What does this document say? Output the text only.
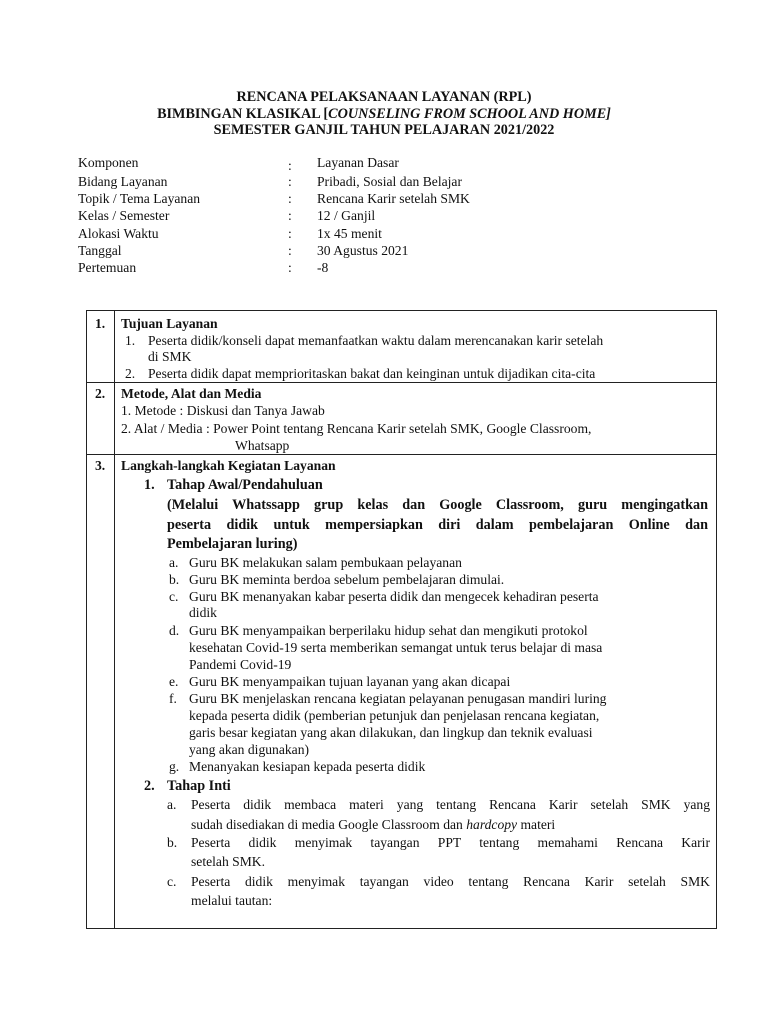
RENCANA PELAKSANAAN LAYANAN (RPL)
BIMBINGAN KLASIKAL [COUNSELING FROM SCHOOL AND HOME]
SEMESTER GANJIL TAHUN PELAJARAN 2021/2022
Komponen	: Layanan Dasar
Bidang Layanan	: Pribadi, Sosial dan Belajar
Topik / Tema Layanan	: Rencana Karir setelah SMK
Kelas / Semester	: 12 / Ganjil
Alokasi Waktu	: 1x 45 menit
Tanggal	: 30 Agustus 2021
Pertemuan	: -8
1. Tujuan Layanan
1. Peserta didik/konseli dapat memanfaatkan waktu dalam merencanakan karir setelah
di SMK
2. Peserta didik dapat memprioritaskan bakat dan keinginan untuk dijadikan cita-cita
2. Metode, Alat dan Media
1. Metode : Diskusi dan Tanya Jawab
2. Alat / Media : Power Point tentang Rencana Karir setelah SMK, Google Classroom,
Whatsapp
3. Langkah-langkah Kegiatan Layanan
1. Tahap Awal/Pendahuluan
(Melalui Whatssapp grup kelas dan Google Classroom, guru mengingatkan
peserta didik untuk mempersiapkan diri dalam pembelajaran Online dan
Pembelajaran luring)
a. Guru BK melakukan salam pembukaan pelayanan
b. Guru BK meminta berdoa sebelum pembelajaran dimulai.
c. Guru BK menanyakan kabar peserta didik dan mengecek kehadiran peserta
didik
d. Guru BK menyampaikan berperilaku hidup sehat dan mengikuti protokol
kesehatan Covid-19 serta memberikan semangat untuk terus belajar di masa
Pandemi Covid-19
e. Guru BK menyampaikan tujuan layanan yang akan dicapai
f. Guru BK menjelaskan rencana kegiatan pelayanan penugasan mandiri luring
kepada peserta didik (pemberian petunjuk dan penjelasan rencana kegiatan,
garis besar kegiatan yang akan dilakukan, dan lingkup dan teknik evaluasi
yang akan digunakan)
g. Menanyakan kesiapan kepada peserta didik
2. Tahap Inti
a. Peserta didik membaca materi yang tentang Rencana Karir setelah SMK yang
sudah disediakan di media Google Classroom dan hardcopy materi
b. Peserta didik menyimak tayangan PPT tentang memahami Rencana Karir
setelah SMK.
c. Peserta didik menyimak tayangan video tentang Rencana Karir setelah SMK
melalui tautan:
